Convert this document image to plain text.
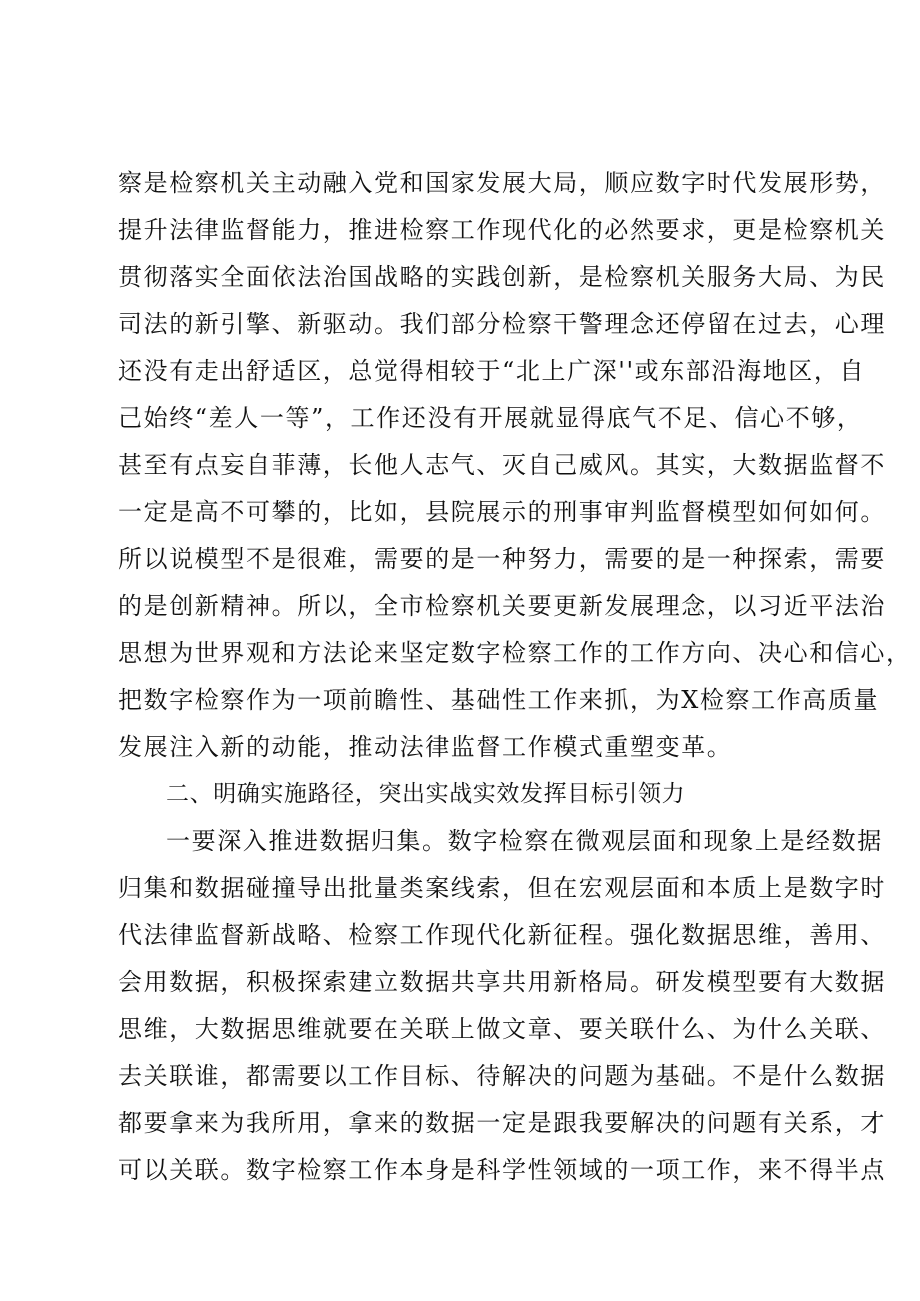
察是检察机关主动融入党和国家发展大局，顺应数字时代发展形势，
提升法律监督能力，推进检察工作现代化的必然要求，更是检察机关
贯彻落实全面依法治国战略的实践创新，是检察机关服务大局、为民
司法的新引擎、新驱动。我们部分检察干警理念还停留在过去，心理
还没有走出舒适区，总觉得相较于“北上广深''或东部沿海地区，自
己始终“差人一等”，工作还没有开展就显得底气不足、信心不够，
甚至有点妄自菲薄，长他人志气、灭自己威风。其实，大数据监督不
一定是高不可攀的，比如，县院展示的刑事审判监督模型如何如何。
所以说模型不是很难，需要的是一种努力，需要的是一种探索，需要
的是创新精神。所以，全市检察机关要更新发展理念，以习近平法治
思想为世界观和方法论来坚定数字检察工作的工作方向、决心和信心，
把数字检察作为一项前瞻性、基础性工作来抓，为X检察工作高质量
发展注入新的动能，推动法律监督工作模式重塑变革。
二、明确实施路径，突出实战实效发挥目标引领力
一要深入推进数据归集。数字检察在微观层面和现象上是经数据
归集和数据碰撞导出批量类案线索，但在宏观层面和本质上是数字时
代法律监督新战略、检察工作现代化新征程。强化数据思维，善用、
会用数据，积极探索建立数据共享共用新格局。研发模型要有大数据
思维，大数据思维就要在关联上做文章、要关联什么、为什么关联、
去关联谁，都需要以工作目标、待解决的问题为基础。不是什么数据
都要拿来为我所用，拿来的数据一定是跟我要解决的问题有关系，才
可以关联。数字检察工作本身是科学性领域的一项工作，来不得半点
